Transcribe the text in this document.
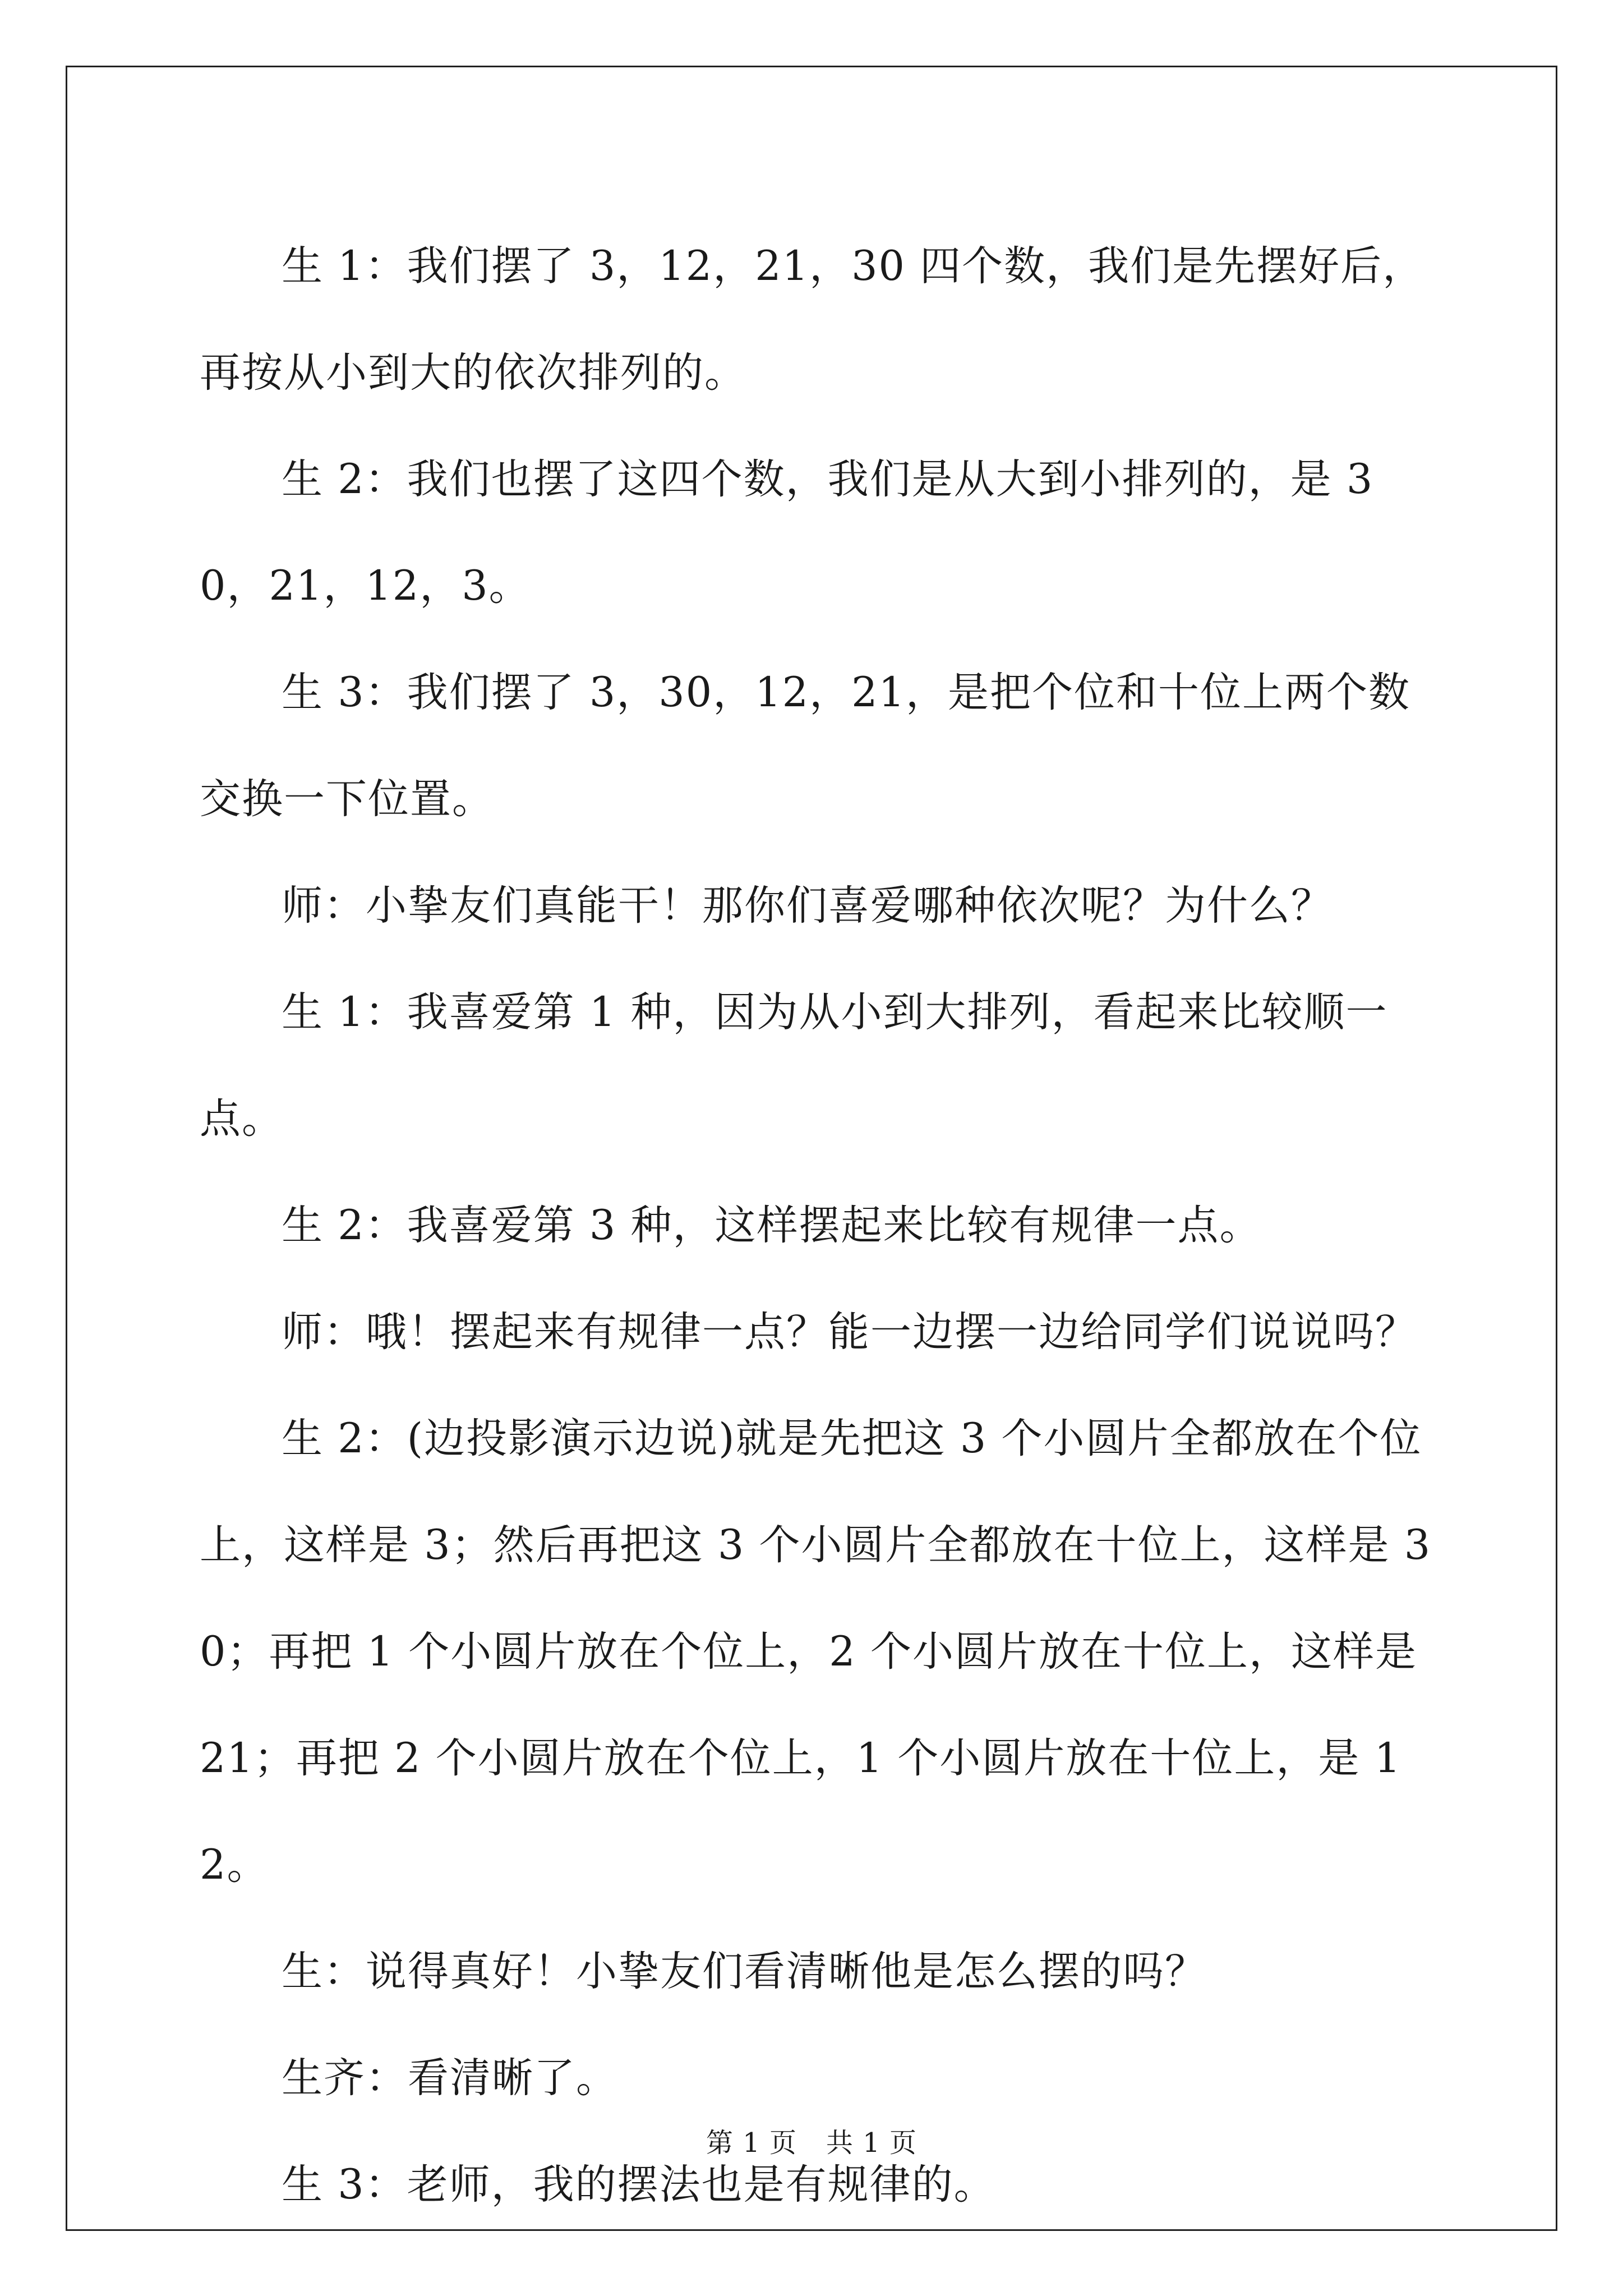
生 1：我们摆了 3，12，21，30 四个数，我们是先摆好后，再按从小到大的依次排列的。

生 2：我们也摆了这四个数，我们是从大到小排列的，是 30，21，12，3。

生 3：我们摆了 3，30，12，21，是把个位和十位上两个数交换一下位置。

师：小挚友们真能干！那你们喜爱哪种依次呢？为什么？

生 1：我喜爱第 1 种，因为从小到大排列，看起来比较顺一点。

生 2：我喜爱第 3 种，这样摆起来比较有规律一点。

师：哦！摆起来有规律一点？能一边摆一边给同学们说说吗？

生 2：(边投影演示边说)就是先把这 3 个小圆片全都放在个位上，这样是 3；然后再把这 3 个小圆片全都放在十位上，这样是 30；再把 1 个小圆片放在个位上，2 个小圆片放在十位上，这样是 21；再把 2 个小圆片放在个位上，1 个小圆片放在十位上，是 12。

生：说得真好！小挚友们看清晰他是怎么摆的吗？

生齐：看清晰了。

生 3：老师，我的摆法也是有规律的。

第 1 页 共 1 页
